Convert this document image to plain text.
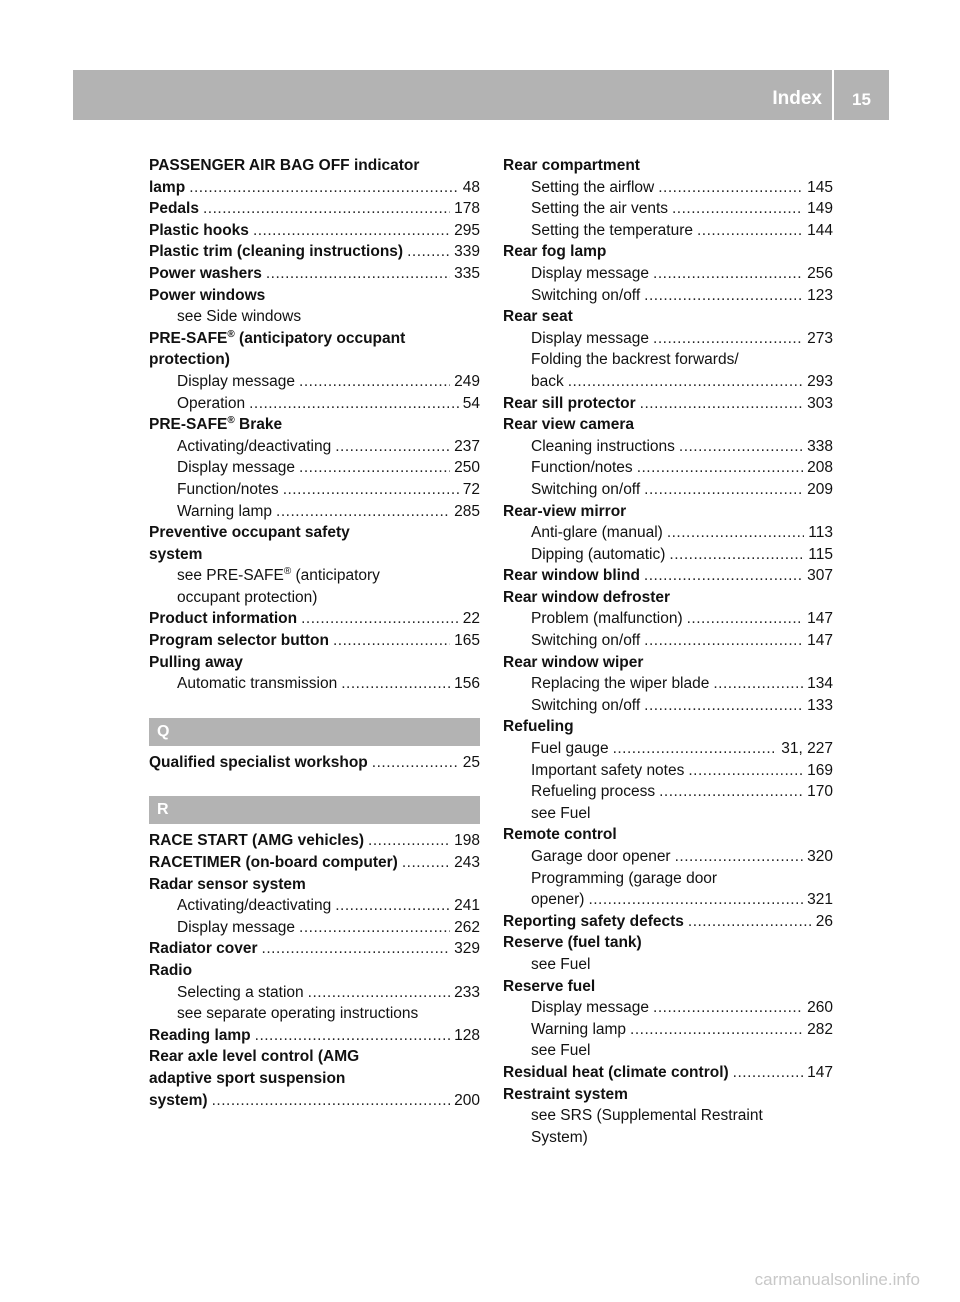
Index	15
PASSENGER AIR BAG OFF indicator
lamp .....	48
Pedals .....	178
Plastic hooks .....	295
Plastic trim (cleaning instructions) .....	339
Power washers .....	335
Power windows
see Side windows
PRE-SAFE® (anticipatory occupant
protection)
Display message .....	249
Operation .....	54
PRE-SAFE® Brake
Activating/deactivating .....	237
Display message .....	250
Function/notes .....	72
Warning lamp .....	285
Preventive occupant safety
system
see PRE-SAFE® (anticipatory
occupant protection)
Product information .....	22
Program selector button .....	165
Pulling away
Automatic transmission .....	156
Q
Qualified specialist workshop .....	25
R
RACE START (AMG vehicles) .....	198
RACETIMER (on-board computer) .....	243
Radar sensor system
Activating/deactivating .....	241
Display message .....	262
Radiator cover .....	329
Radio
Selecting a station .....	233
see separate operating instructions
Reading lamp .....	128
Rear axle level control (AMG
adaptive sport suspension
system) .....	200
Rear compartment
Setting the airflow .....	145
Setting the air vents .....	149
Setting the temperature .....	144
Rear fog lamp
Display message .....	256
Switching on/off .....	123
Rear seat
Display message .....	273
Folding the backrest forwards/
back .....	293
Rear sill protector .....	303
Rear view camera
Cleaning instructions .....	338
Function/notes .....	208
Switching on/off .....	209
Rear-view mirror
Anti-glare (manual) .....	113
Dipping (automatic) .....	115
Rear window blind .....	307
Rear window defroster
Problem (malfunction) .....	147
Switching on/off .....	147
Rear window wiper
Replacing the wiper blade .....	134
Switching on/off .....	133
Refueling
Fuel gauge .....	31, 227
Important safety notes .....	169
Refueling process .....	170
see Fuel
Remote control
Garage door opener .....	320
Programming (garage door
opener) .....	321
Reporting safety defects .....	26
Reserve (fuel tank)
see Fuel
Reserve fuel
Display message .....	260
Warning lamp .....	282
see Fuel
Residual heat (climate control) .....	147
Restraint system
see SRS (Supplemental Restraint
System)
carmanualsonline.info
